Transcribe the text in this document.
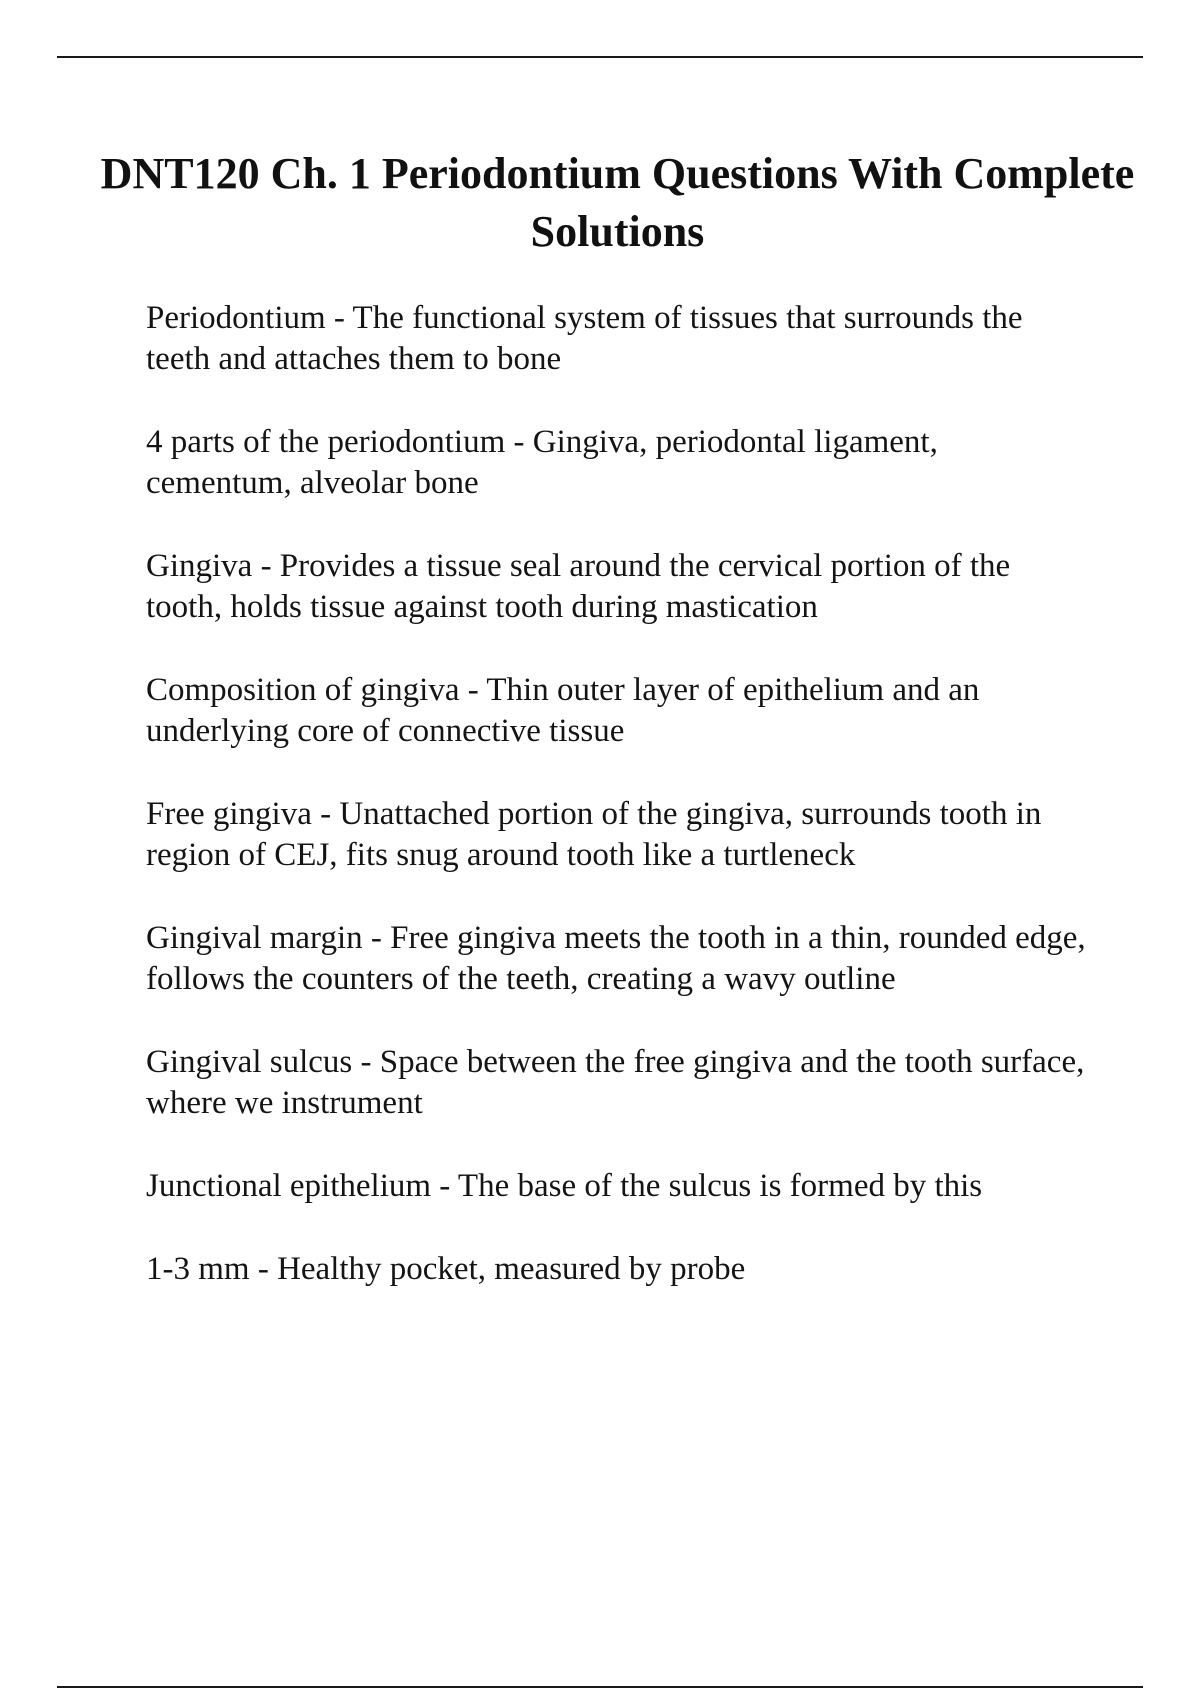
DNT120 Ch. 1 Periodontium Questions With Complete Solutions
Periodontium - The functional system of tissues that surrounds the teeth and attaches them to bone
4 parts of the periodontium - Gingiva, periodontal ligament, cementum, alveolar bone
Gingiva - Provides a tissue seal around the cervical portion of the tooth, holds tissue against tooth during mastication
Composition of gingiva - Thin outer layer of epithelium and an underlying core of connective tissue
Free gingiva - Unattached portion of the gingiva, surrounds tooth in region of CEJ, fits snug around tooth like a turtleneck
Gingival margin - Free gingiva meets the tooth in a thin, rounded edge, follows the counters of the teeth, creating a wavy outline
Gingival sulcus - Space between the free gingiva and the tooth surface, where we instrument
Junctional epithelium - The base of the sulcus is formed by this
1-3 mm - Healthy pocket, measured by probe
